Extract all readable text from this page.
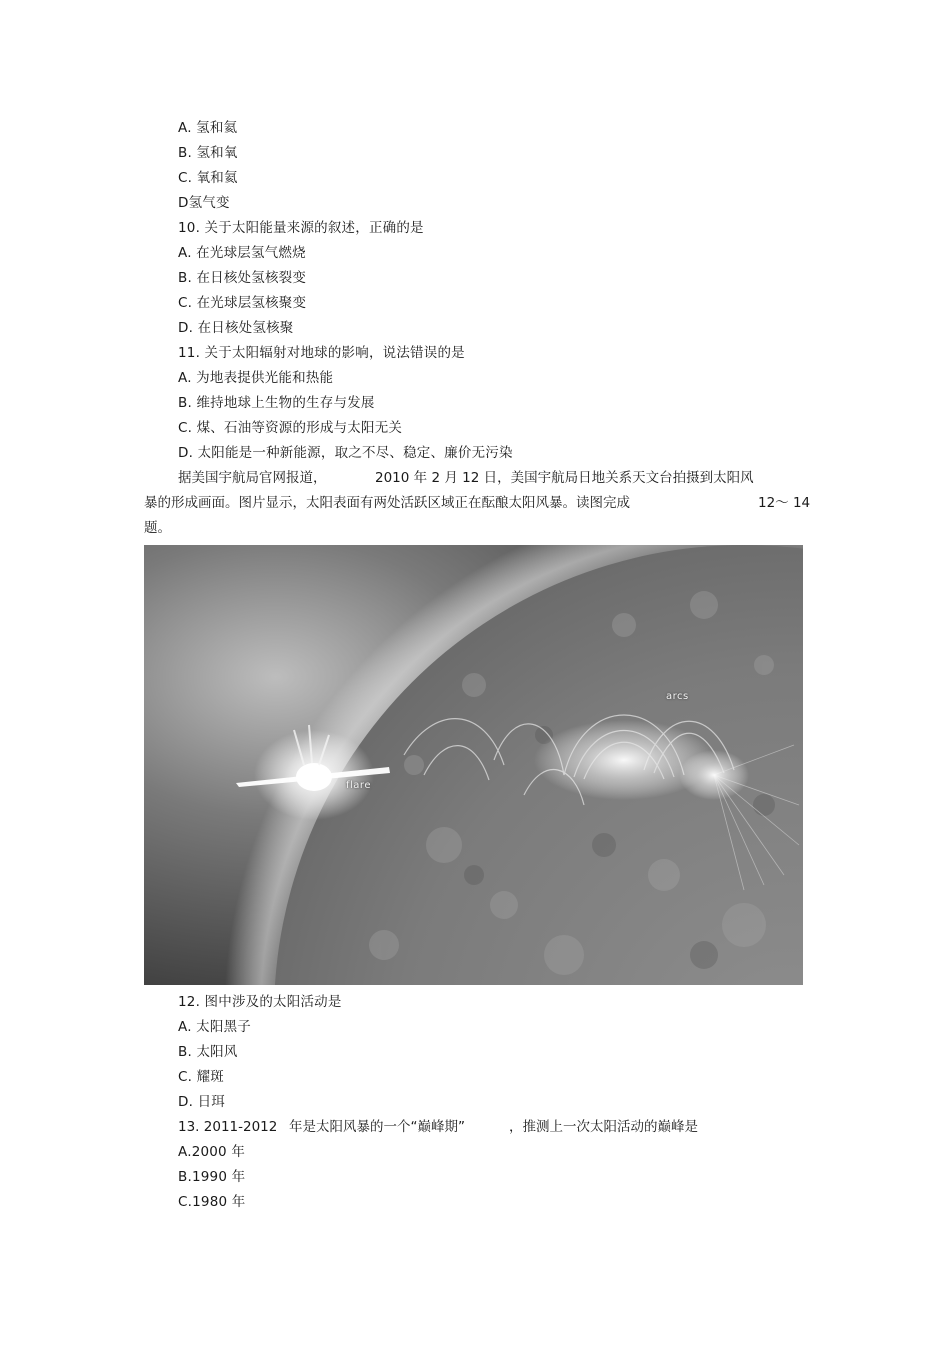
A. 氢和氦
B. 氢和氧
C. 氧和氦
D氢气变
10. 关于太阳能量来源的叙述，正确的是
A. 在光球层氢气燃烧
B. 在日核处氢核裂变
C. 在光球层氢核聚变
D. 在日核处氢核聚
11. 关于太阳辐射对地球的影响，说法错误的是
A. 为地表提供光能和热能
B. 维持地球上生物的生存与发展
C. 煤、石油等资源的形成与太阳无关
D. 太阳能是一种新能源，取之不尽、稳定、廉价无污染
据美国宇航局官网报道，	2010 年 2 月 12 日，美国宇航局日地关系天文台拍摄到太阳风
暴的形成画面。图片显示，太阳表面有两处活跃区域正在酝酿太阳风暴。读图完成	12～ 14
题。
arcs
flare
12. 图中涉及的太阳活动是
A. 太阳黑子
B. 太阳风
C. 耀斑
D. 日珥
13. 2011-2012 年是太阳风暴的一个“巅峰期”	，推测上一次太阳活动的巅峰是
A.2000 年
B.1990 年
C.1980 年
